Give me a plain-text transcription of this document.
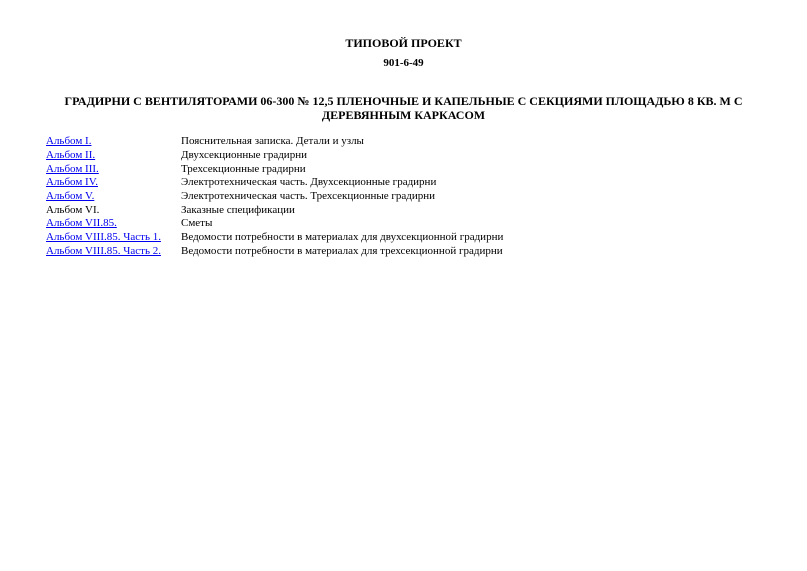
ТИПОВОЙ ПРОЕКТ
901-6-49
ГРАДИРНИ С ВЕНТИЛЯТОРАМИ 06-300 № 12,5 ПЛЕНОЧНЫЕ И КАПЕЛЬНЫЕ С СЕКЦИЯМИ ПЛОЩАДЬЮ 8 КВ. М С ДЕРЕВЯННЫМ КАРКАСОМ
Альбом I.	Пояснительная записка. Детали и узлы
Альбом II.	Двухсекционные градирни
Альбом III.	Трехсекционные градирни
Альбом IV.	Электротехническая часть. Двухсекционные градирни
Альбом V.	Электротехническая часть. Трехсекционные градирни
Альбом VI.	Заказные спецификации
Альбом VII.85.	Сметы
Альбом VIII.85. Часть 1.	Ведомости потребности в материалах для двухсекционной градирни
Альбом VIII.85. Часть 2.	Ведомости потребности в материалах для трехсекционной градирни
